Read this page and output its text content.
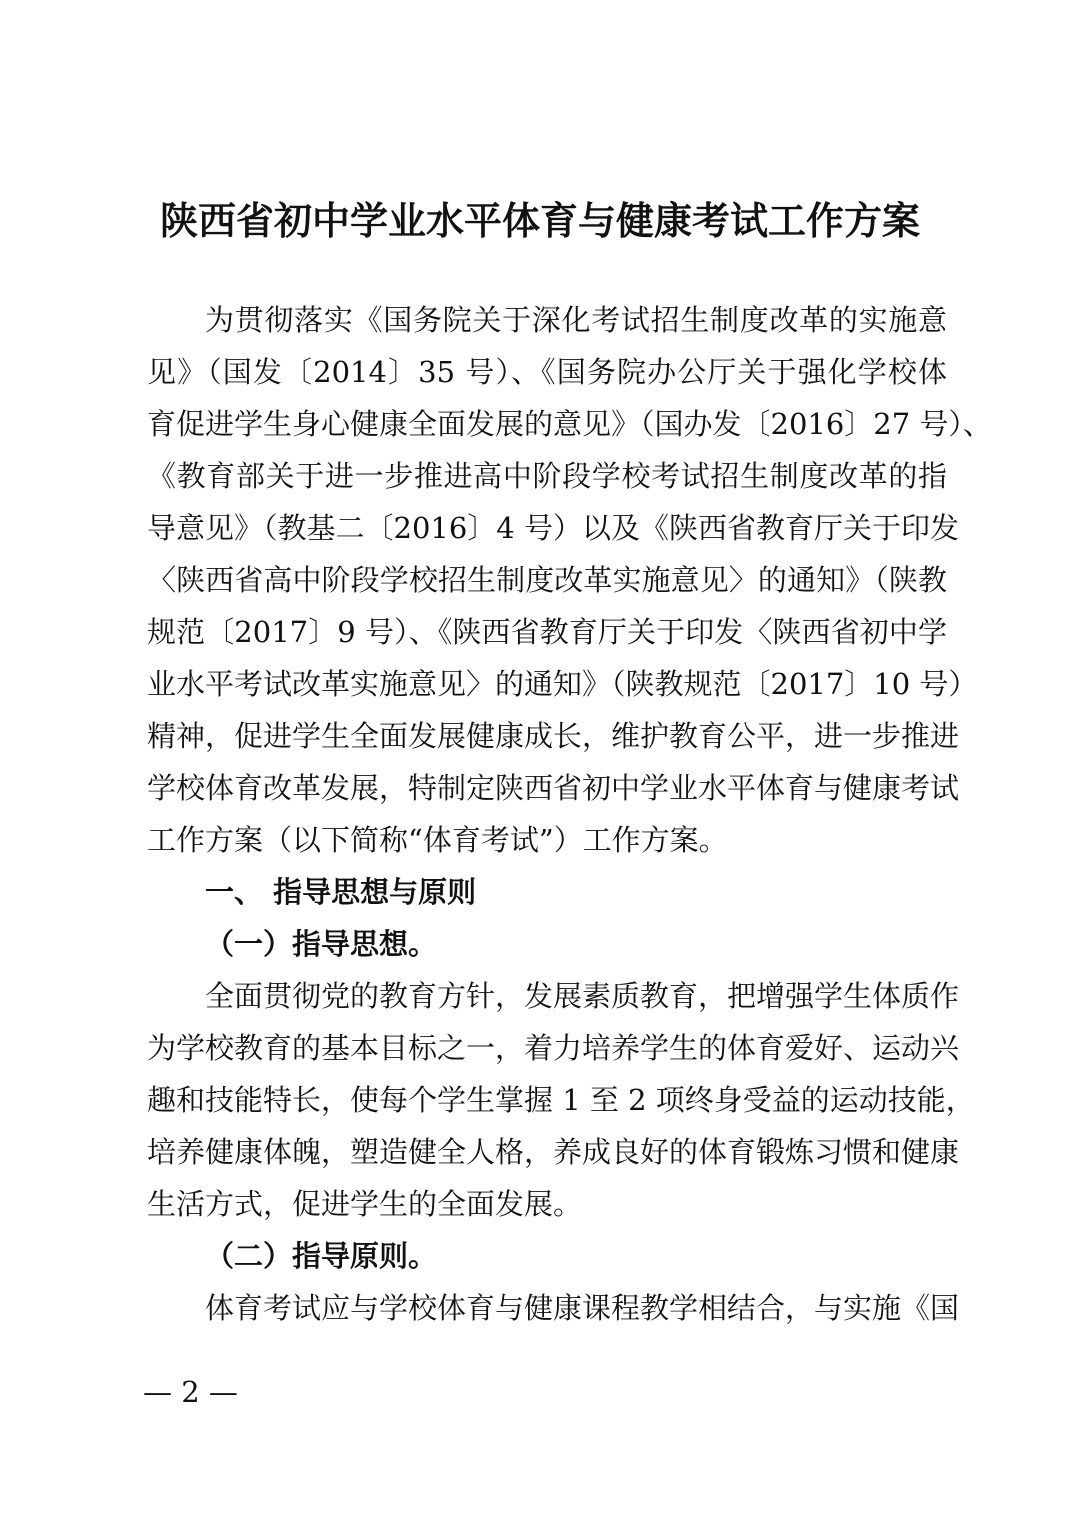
陕西省初中学业水平体育与健康考试工作方案

为贯彻落实《国务院关于深化考试招生制度改革的实施意

见》（国发〔2014〕35 号）、《国务院办公厅关于强化学校体

育促进学生身心健康全面发展的意见》（国办发〔2016〕27 号）、

《教育部关于进一步推进高中阶段学校考试招生制度改革的指

导意见》（教基二〔2016〕4 号）以及《陕西省教育厅关于印发

〈陕西省高中阶段学校招生制度改革实施意见〉的通知》（陕教

规范〔2017〕9 号）、《陕西省教育厅关于印发〈陕西省初中学

业水平考试改革实施意见〉的通知》（陕教规范〔2017〕10 号）

精神，促进学生全面发展健康成长，维护教育公平，进一步推进

学校体育改革发展，特制定陕西省初中学业水平体育与健康考试

工作方案（以下简称“体育考试”）工作方案。

一、 指导思想与原则

（一）指导思想。

全面贯彻党的教育方针，发展素质教育，把增强学生体质作

为学校教育的基本目标之一，着力培养学生的体育爱好、运动兴

趣和技能特长，使每个学生掌握 1 至 2 项终身受益的运动技能，

培养健康体魄，塑造健全人格，养成良好的体育锻炼习惯和健康

生活方式，促进学生的全面发展。

（二）指导原则。

体育考试应与学校体育与健康课程教学相结合，与实施《国

— 2 —
